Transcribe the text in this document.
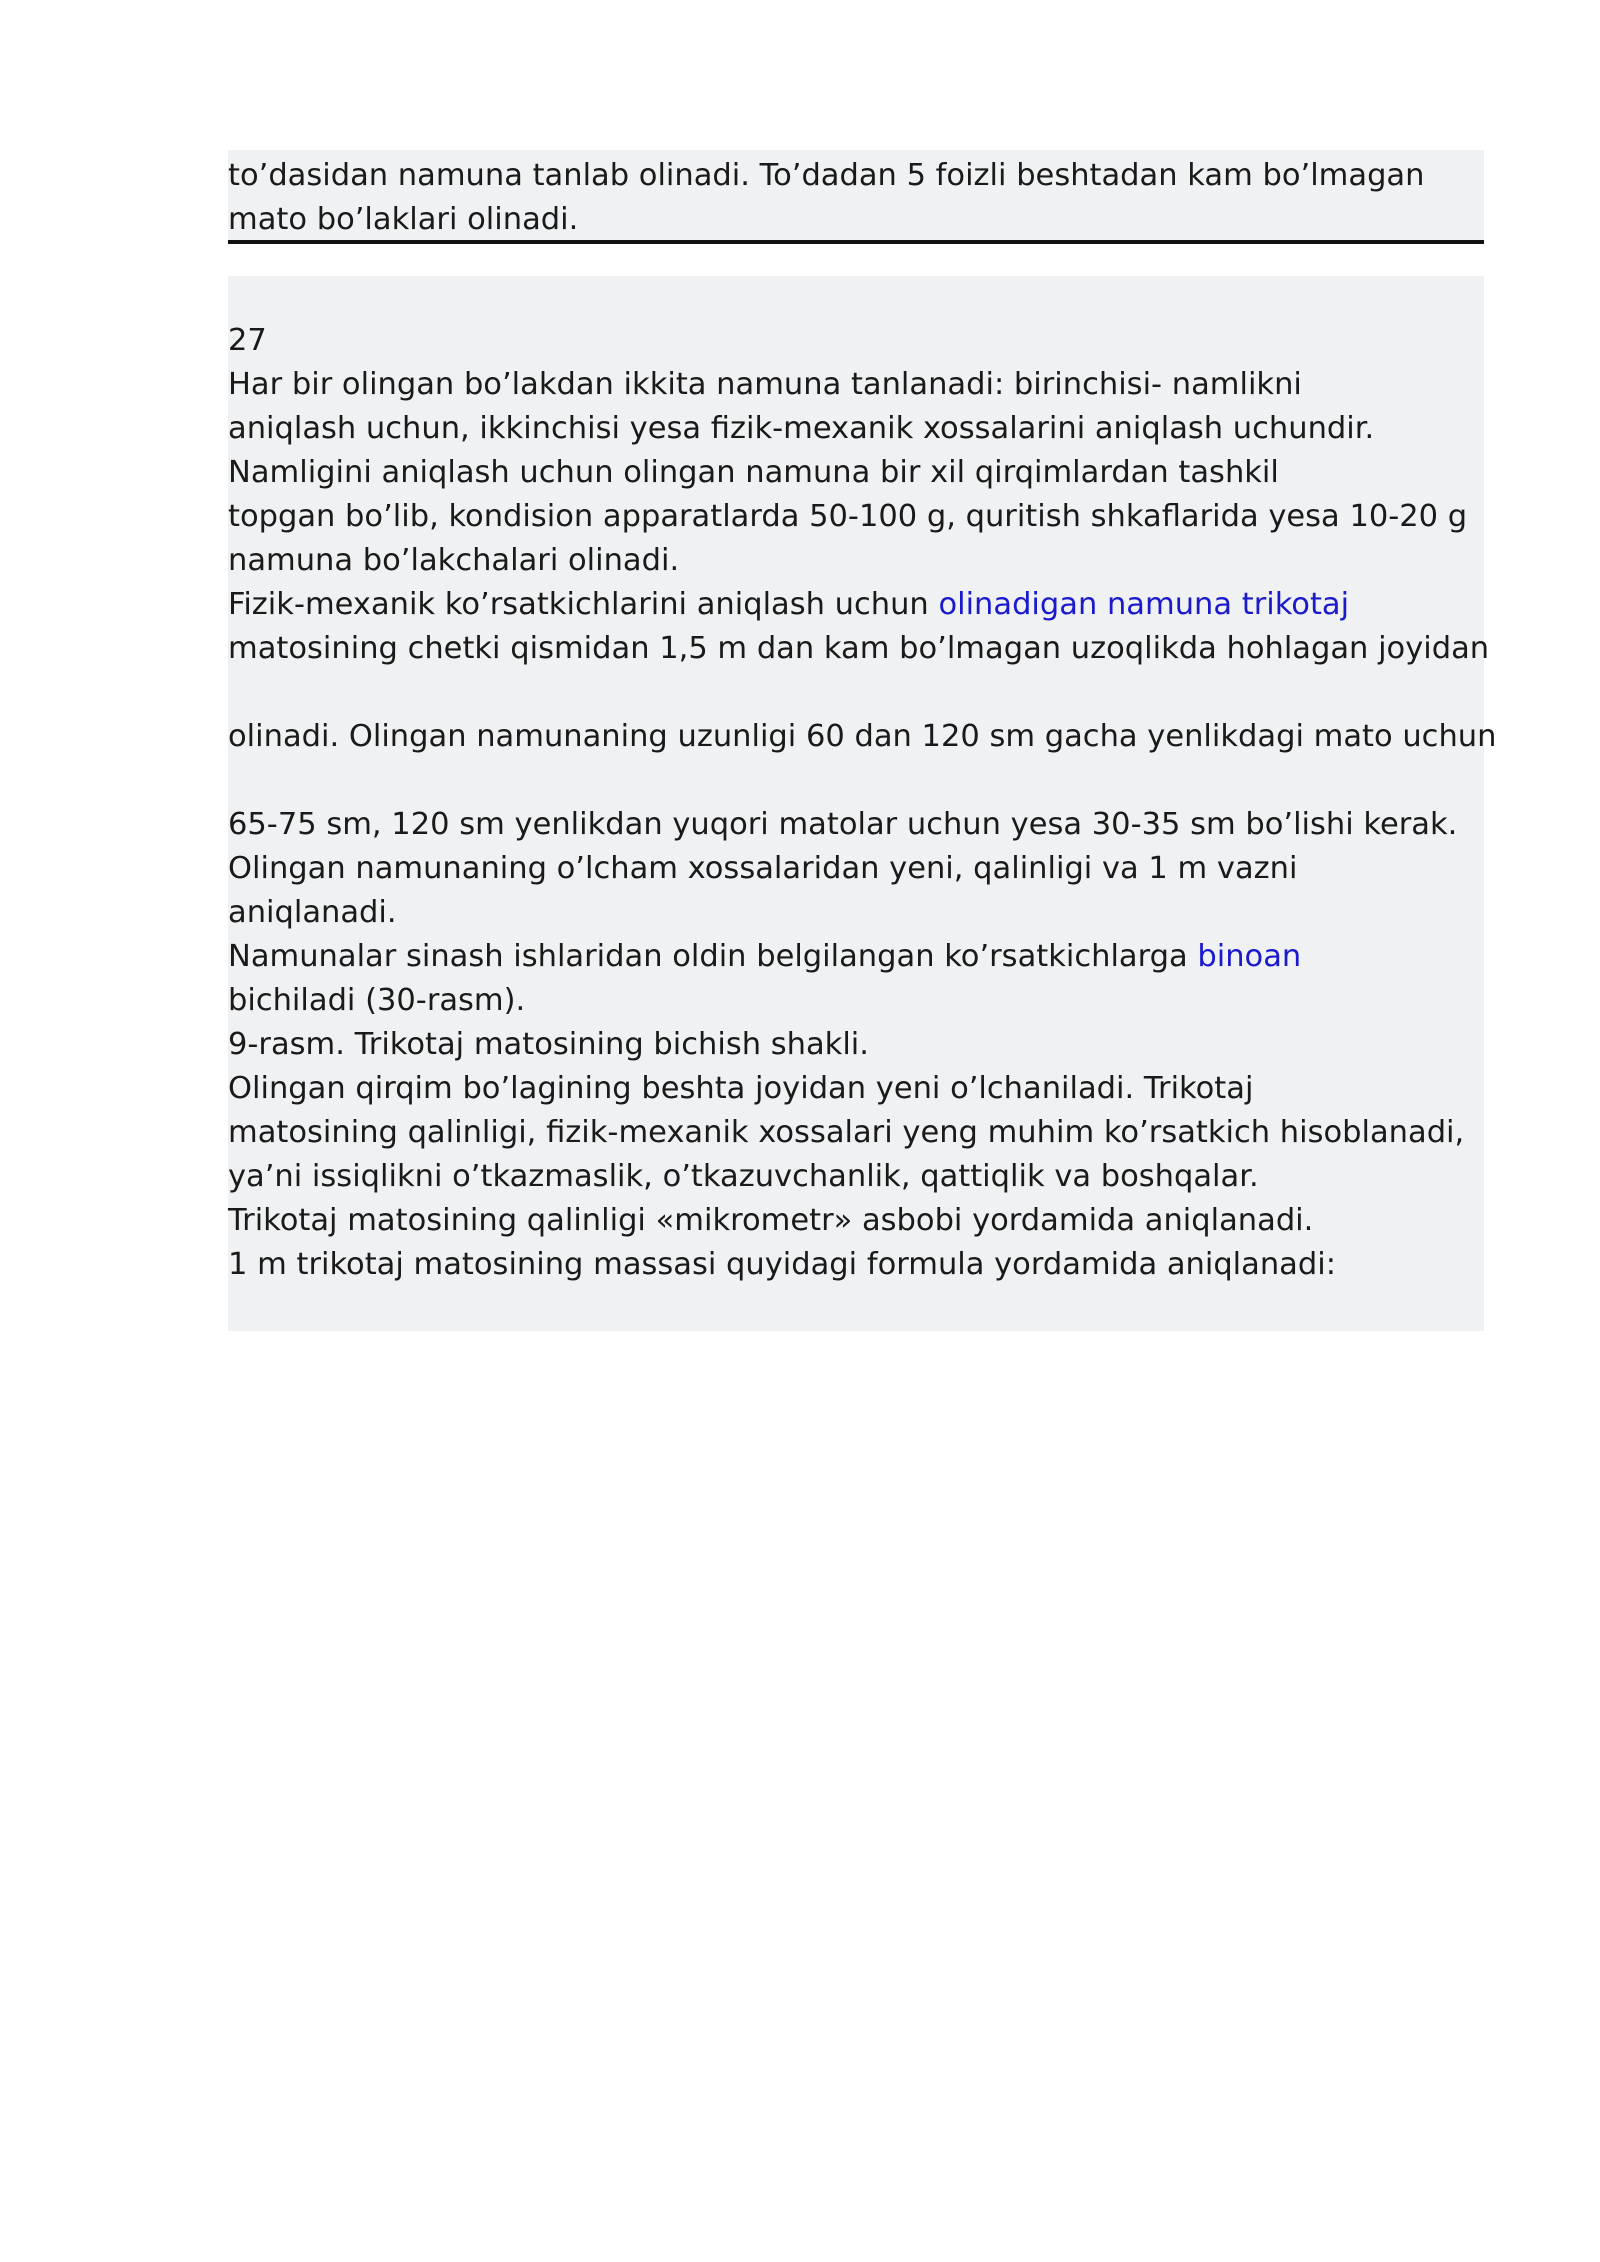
to’dasidan namuna tanlab olinadi. To’dadan 5 foizli beshtadan kam bo’lmagan
mato bo’laklari olinadi.
27
Har bir olingan bo’lakdan ikkita namuna tanlanadi: birinchisi- namlikni
aniqlash uchun, ikkinchisi yesa fizik-mexanik xossalarini aniqlash uchundir.
Namligini aniqlash uchun olingan namuna bir xil qirqimlardan tashkil
topgan bo’lib, kondision apparatlarda 50-100 g, quritish shkaflarida yesa 10-20 g
namuna bo’lakchalari olinadi.
Fizik-mexanik ko’rsatkichlarini aniqlash uchun olinadigan namuna trikotaj
matosining chetki qismidan 1,5 m dan kam bo’lmagan uzoqlikda hohlagan joyidan
olinadi. Olingan namunaning uzunligi 60 dan 120 sm gacha yenlikdagi mato uchun
65-75 sm, 120 sm yenlikdan yuqori matolar uchun yesa 30-35 sm bo’lishi kerak.
Olingan namunaning o’lcham xossalaridan yeni, qalinligi va 1 m vazni
aniqlanadi.
Namunalar sinash ishlaridan oldin belgilangan ko’rsatkichlarga binoan
bichiladi (30-rasm).
9-rasm. Trikotaj matosining bichish shakli.
Olingan qirqim bo’lagining beshta joyidan yeni o’lchaniladi. Trikotaj
matosining qalinligi, fizik-mexanik xossalari yeng muhim ko’rsatkich hisoblanadi,
ya’ni issiqlikni o’tkazmaslik, o’tkazuvchanlik, qattiqlik va boshqalar.
Trikotaj matosining qalinligi «mikrometr» asbobi yordamida aniqlanadi.
1 m trikotaj matosining massasi quyidagi formula yordamida aniqlanadi:
